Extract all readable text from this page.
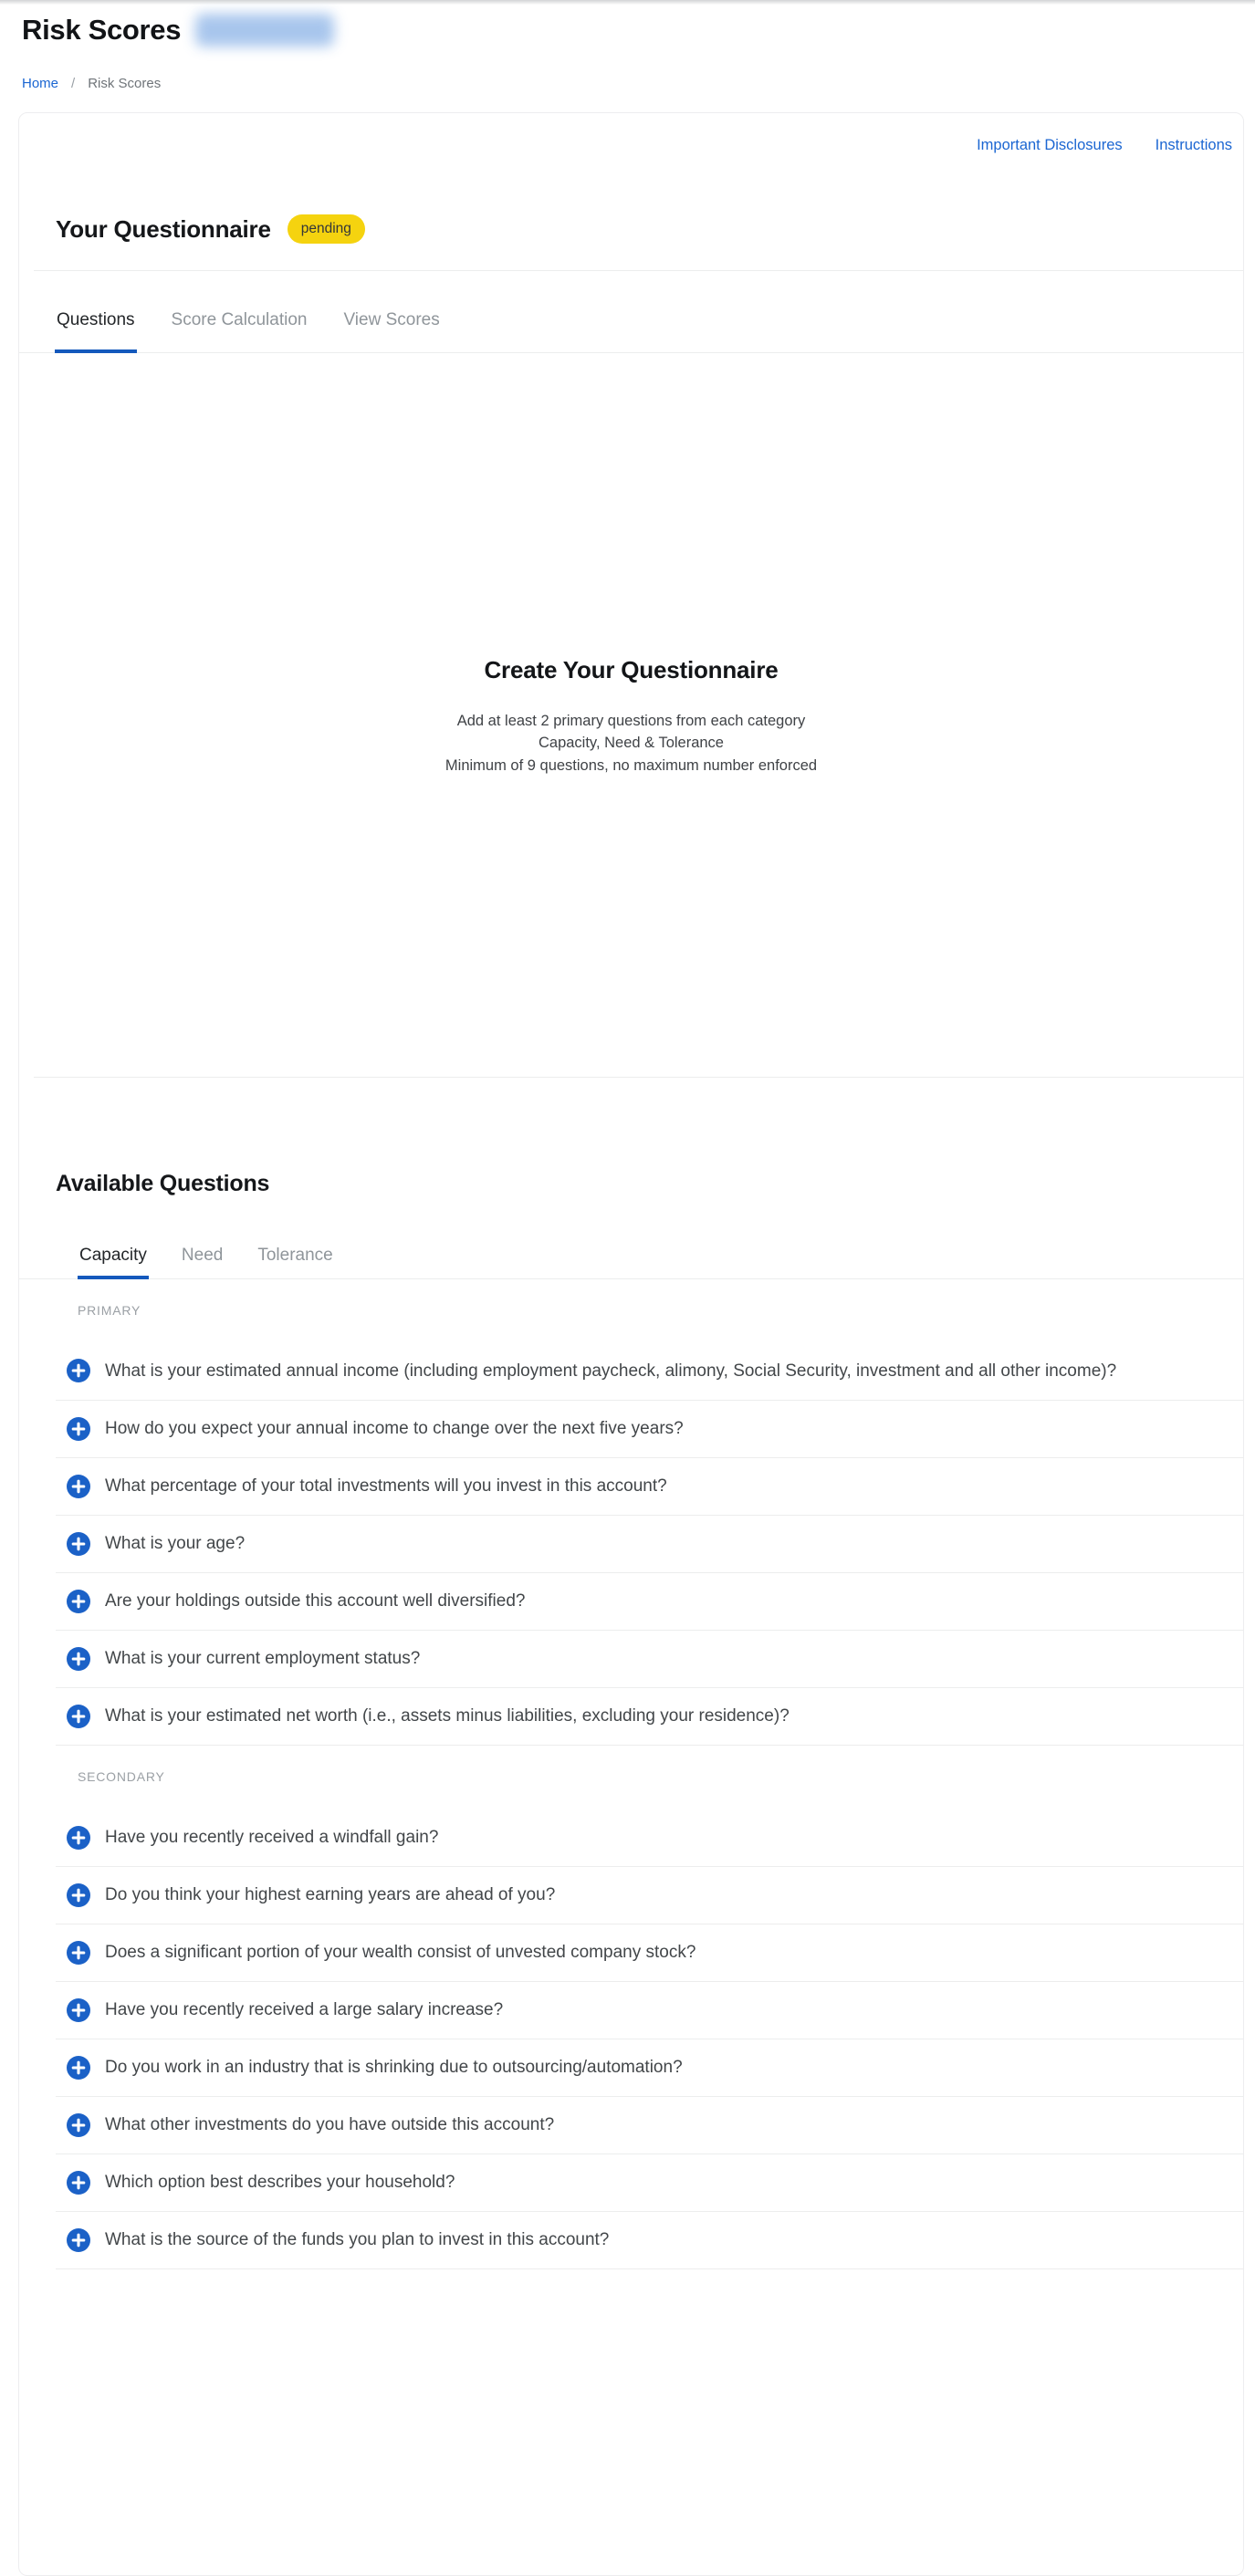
Risk Scores
Home / Risk Scores
Important Disclosures Instructions
Your Questionnaire	pending
Questions Score Calculation View Scores
Create Your Questionnaire
Add at least 2 primary questions from each category
Capacity, Need & Tolerance
Minimum of 9 questions, no maximum number enforced
Available Questions
Capacity Need Tolerance
PRIMARY
What is your estimated annual income (including employment paycheck, alimony, Social Security, investment and all other income)?
How do you expect your annual income to change over the next five years?
What percentage of your total investments will you invest in this account?
What is your age?
Are your holdings outside this account well diversified?
What is your current employment status?
What is your estimated net worth (i.e., assets minus liabilities, excluding your residence)?
SECONDARY
Have you recently received a windfall gain?
Do you think your highest earning years are ahead of you?
Does a significant portion of your wealth consist of unvested company stock?
Have you recently received a large salary increase?
Do you work in an industry that is shrinking due to outsourcing/automation?
What other investments do you have outside this account?
Which option best describes your household?
What is the source of the funds you plan to invest in this account?
